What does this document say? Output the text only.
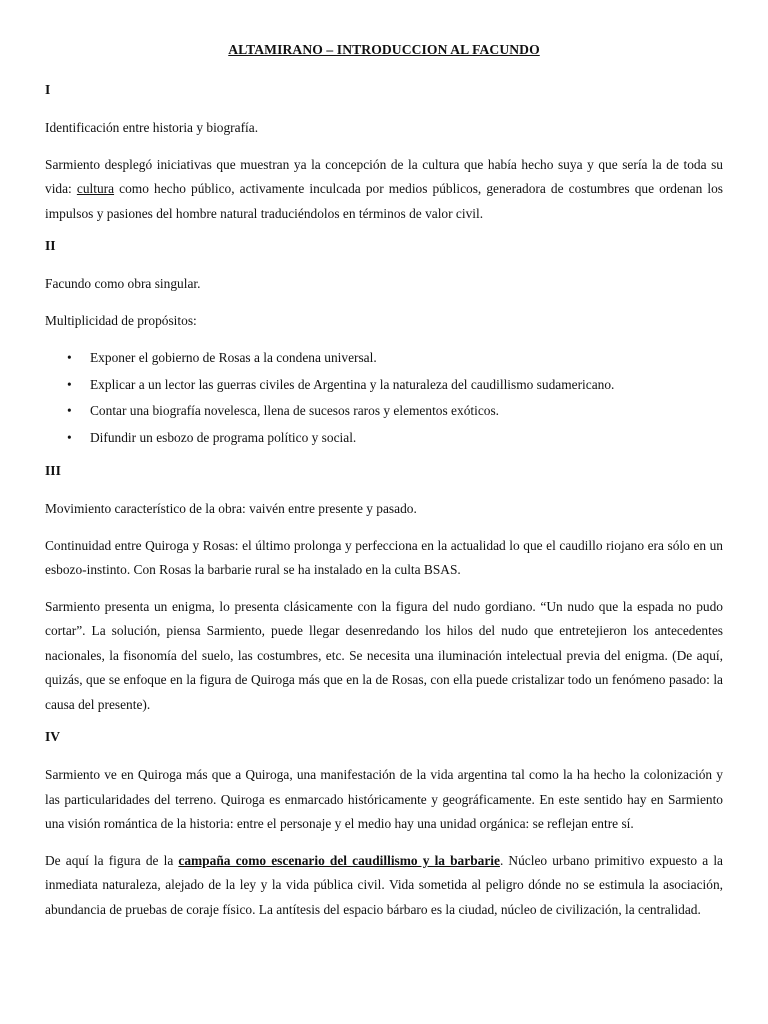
ALTAMIRANO – INTRODUCCION AL FACUNDO
I

Identificación entre historia y biografía.

Sarmiento desplegó iniciativas que muestran ya la concepción de la cultura que había hecho suya y que sería la de toda su vida: cultura como hecho público, activamente inculcada por medios públicos, generadora de costumbres que ordenan los impulsos y pasiones del hombre natural traduciéndolos en términos de valor civil.

II

Facundo como obra singular.

Multiplicidad de propósitos:

• Exponer el gobierno de Rosas a la condena universal.
• Explicar a un lector las guerras civiles de Argentina y la naturaleza del caudillismo sudamericano.
• Contar una biografía novelesca, llena de sucesos raros y elementos exóticos.
• Difundir un esbozo de programa político y social.
III

Movimiento característico de la obra: vaivén entre presente y pasado.

Continuidad entre Quiroga y Rosas: el último prolonga y perfecciona en la actualidad lo que el caudillo riojano era sólo en un esbozo-instinto. Con Rosas la barbarie rural se ha instalado en la culta BSAS.

Sarmiento presenta un enigma, lo presenta clásicamente con la figura del nudo gordiano. “Un nudo que la espada no pudo cortar”. La solución, piensa Sarmiento, puede llegar desenredando los hilos del nudo que entretejieron los antecedentes nacionales, la fisonomía del suelo, las costumbres, etc. Se necesita una iluminación intelectual previa del enigma. (De aquí, quizás, que se enfoque en la figura de Quiroga más que en la de Rosas, con ella puede cristalizar todo un fenómeno pasado: la causa del presente).

IV

Sarmiento ve en Quiroga más que a Quiroga, una manifestación de la vida argentina tal como la ha hecho la colonización y las particularidades del terreno. Quiroga es enmarcado históricamente y geográficamente. En este sentido hay en Sarmiento una visión romántica de la historia: entre el personaje y el medio hay una unidad orgánica: se reflejan entre sí.

De aquí la figura de la campaña como escenario del caudillismo y la barbarie. Núcleo urbano primitivo expuesto a la inmediata naturaleza, alejado de la ley y la vida pública civil. Vida sometida al peligro dónde no se estimula la asociación, abundancia de pruebas de coraje físico. La antítesis del espacio bárbaro es la ciudad, núcleo de civilización, la centralidad.
